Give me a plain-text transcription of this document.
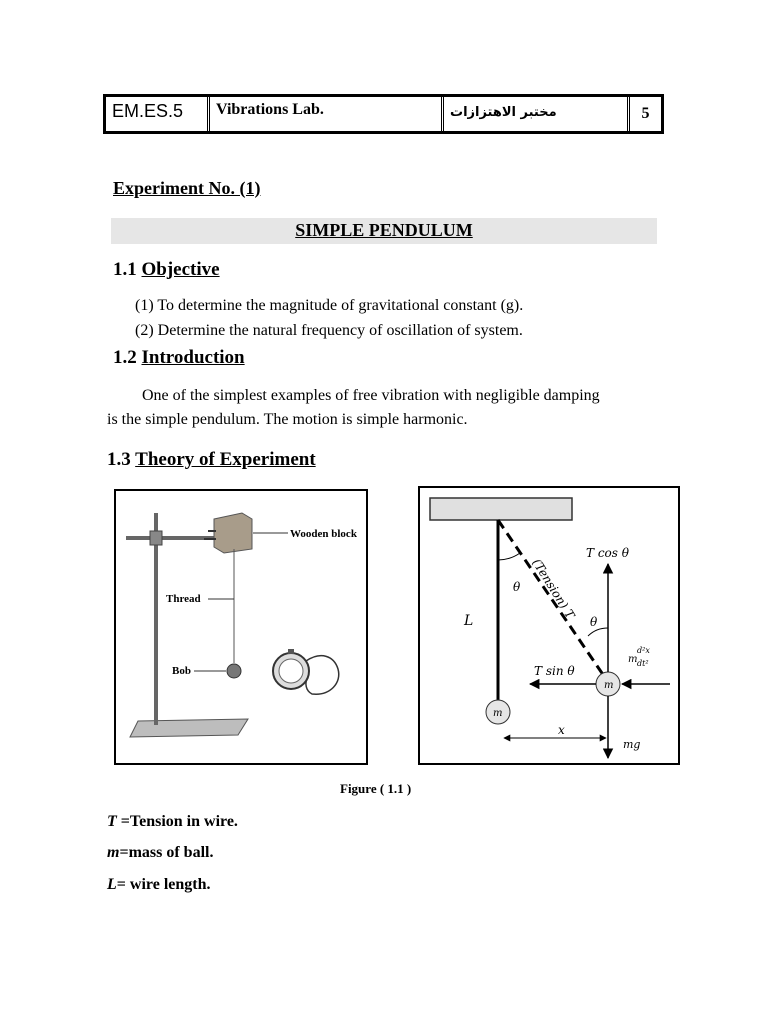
EM.ES.5	Vibrations Lab.	مختبر الاهتزازات	5
Experiment No. (1)
SIMPLE PENDULUM
1.1 Objective
(1) To determine the magnitude of gravitational constant (g).
(2) Determine the natural frequency of oscillation of system.
1.2 Introduction
One of the simplest examples of free vibration with negligible damping
is the simple pendulum. The motion is simple harmonic.
1.3 Theory of Experiment
Wooden block
Thread
Bob
T cos θ
θ
θ
(Tension) T
L
T sin θ
m
m
m
d²x
dt²
x
mg
Figure ( 1.1 )
T =Tension in wire.
m=mass of ball.
L= wire length.
